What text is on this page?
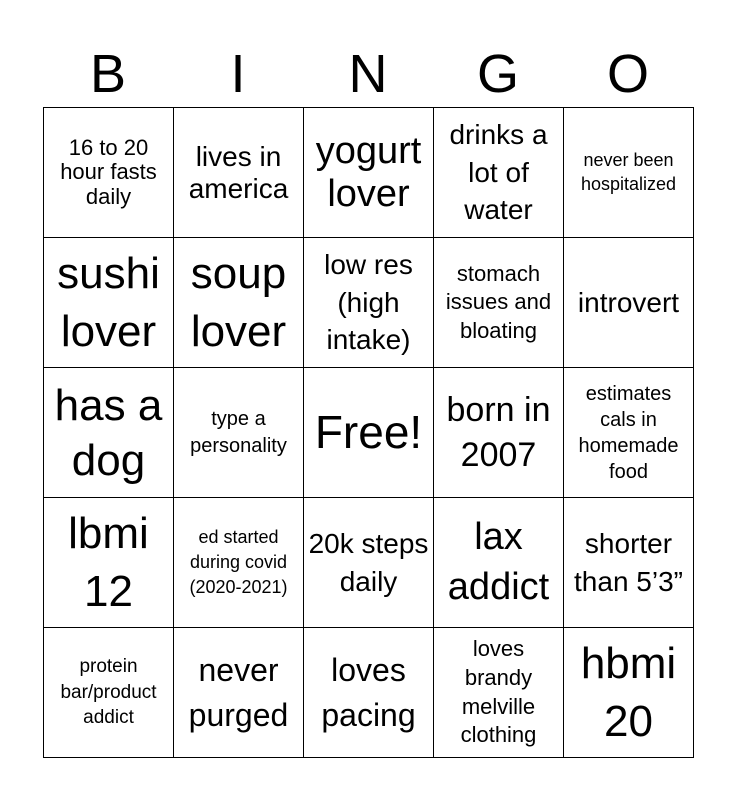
B	I	N	G	O
16 to 20 hour fasts daily	lives in america	yogurt lover	drinks a lot of water	never been hospitalized

sushi lover	soup lover	low res (high intake)	stomach issues and bloating	introvert

has a dog	type a personality	Free!	born in 2007	estimates cals in homemade food

lbmi 12	ed started during covid (2020-2021)	20k steps daily	lax addict	shorter than 5’3”

protein bar/product addict	never purged	loves pacing	loves brandy melville clothing	hbmi 20
